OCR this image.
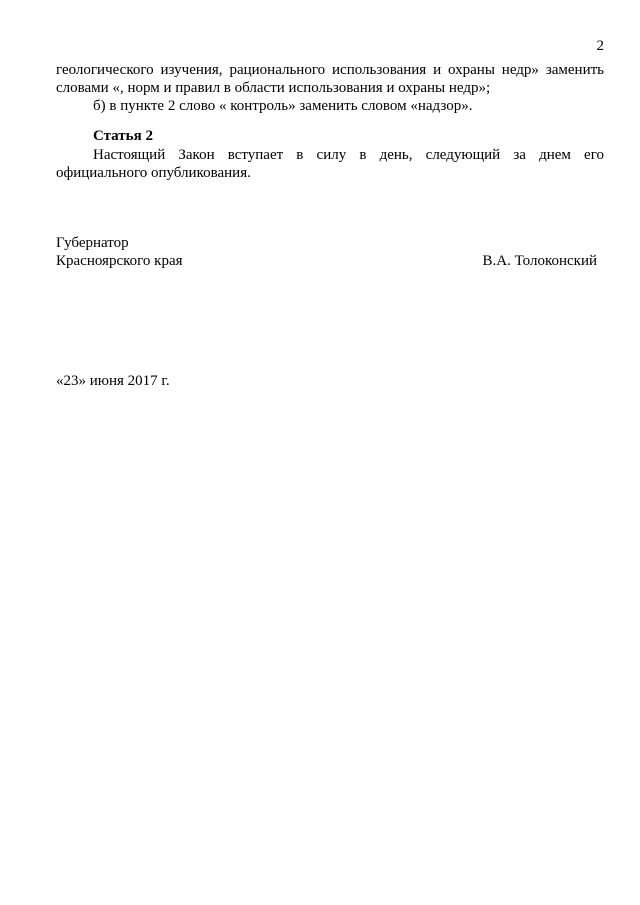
2
геологического изучения, рационального использования и охраны недр» заменить словами «, норм и правил в области использования и охраны недр»;
б) в пункте 2 слово « контроль» заменить словом «надзор».
Статья 2
Настоящий Закон вступает в силу в день, следующий за днем его официального опубликования.
Губернатор
Красноярского края	В.А. Толоконский
«23» июня 2017 г.
